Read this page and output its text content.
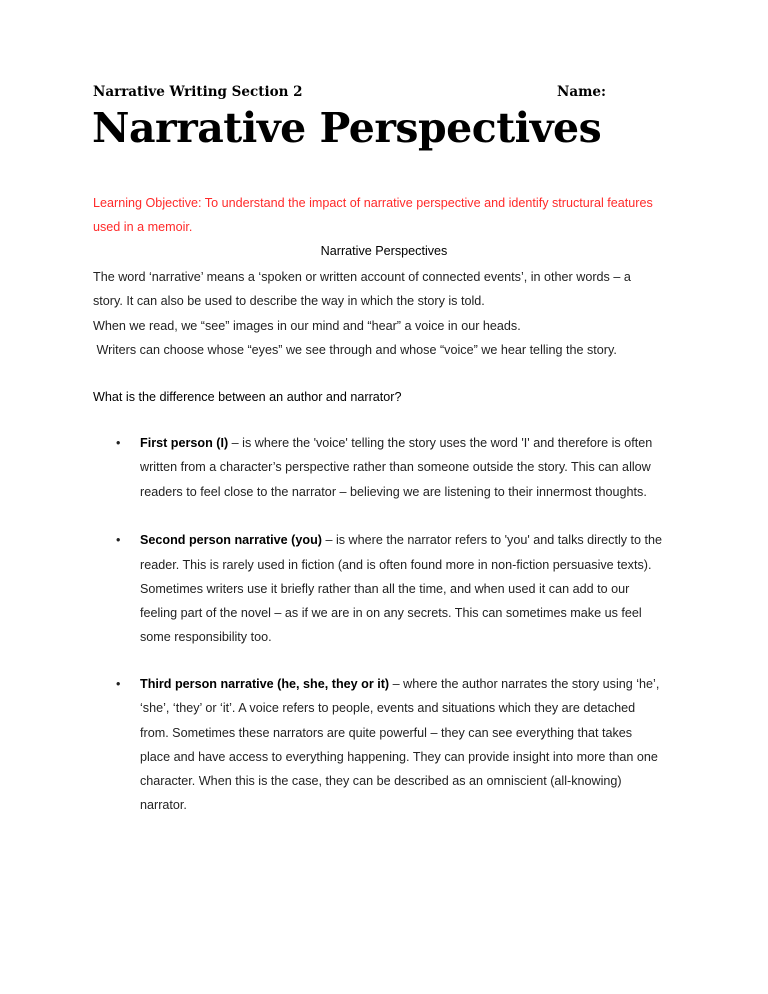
Narrative Writing Section 2	Name:
Narrative Perspectives
Learning Objective: To understand the impact of narrative perspective and identify structural features
used in a memoir.
Narrative Perspectives
The word ‘narrative’ means a ‘spoken or written account of connected events’, in other words – a
story. It can also be used to describe the way in which the story is told.
When we read, we “see” images in our mind and “hear” a voice in our heads.
Writers can choose whose “eyes” we see through and whose “voice” we hear telling the story.
What is the difference between an author and narrator?
• First person (I) – is where the 'voice' telling the story uses the word 'I' and therefore is often
written from a character’s perspective rather than someone outside the story. This can allow
readers to feel close to the narrator – believing we are listening to their innermost thoughts.
• Second person narrative (you) – is where the narrator refers to 'you' and talks directly to the
reader. This is rarely used in fiction (and is often found more in non-fiction persuasive texts).
Sometimes writers use it briefly rather than all the time, and when used it can add to our
feeling part of the novel – as if we are in on any secrets. This can sometimes make us feel
some responsibility too.
• Third person narrative (he, she, they or it) – where the author narrates the story using ‘he’,
‘she’, ‘they’ or ‘it’. A voice refers to people, events and situations which they are detached
from. Sometimes these narrators are quite powerful – they can see everything that takes
place and have access to everything happening. They can provide insight into more than one
character. When this is the case, they can be described as an omniscient (all-knowing)
narrator.
